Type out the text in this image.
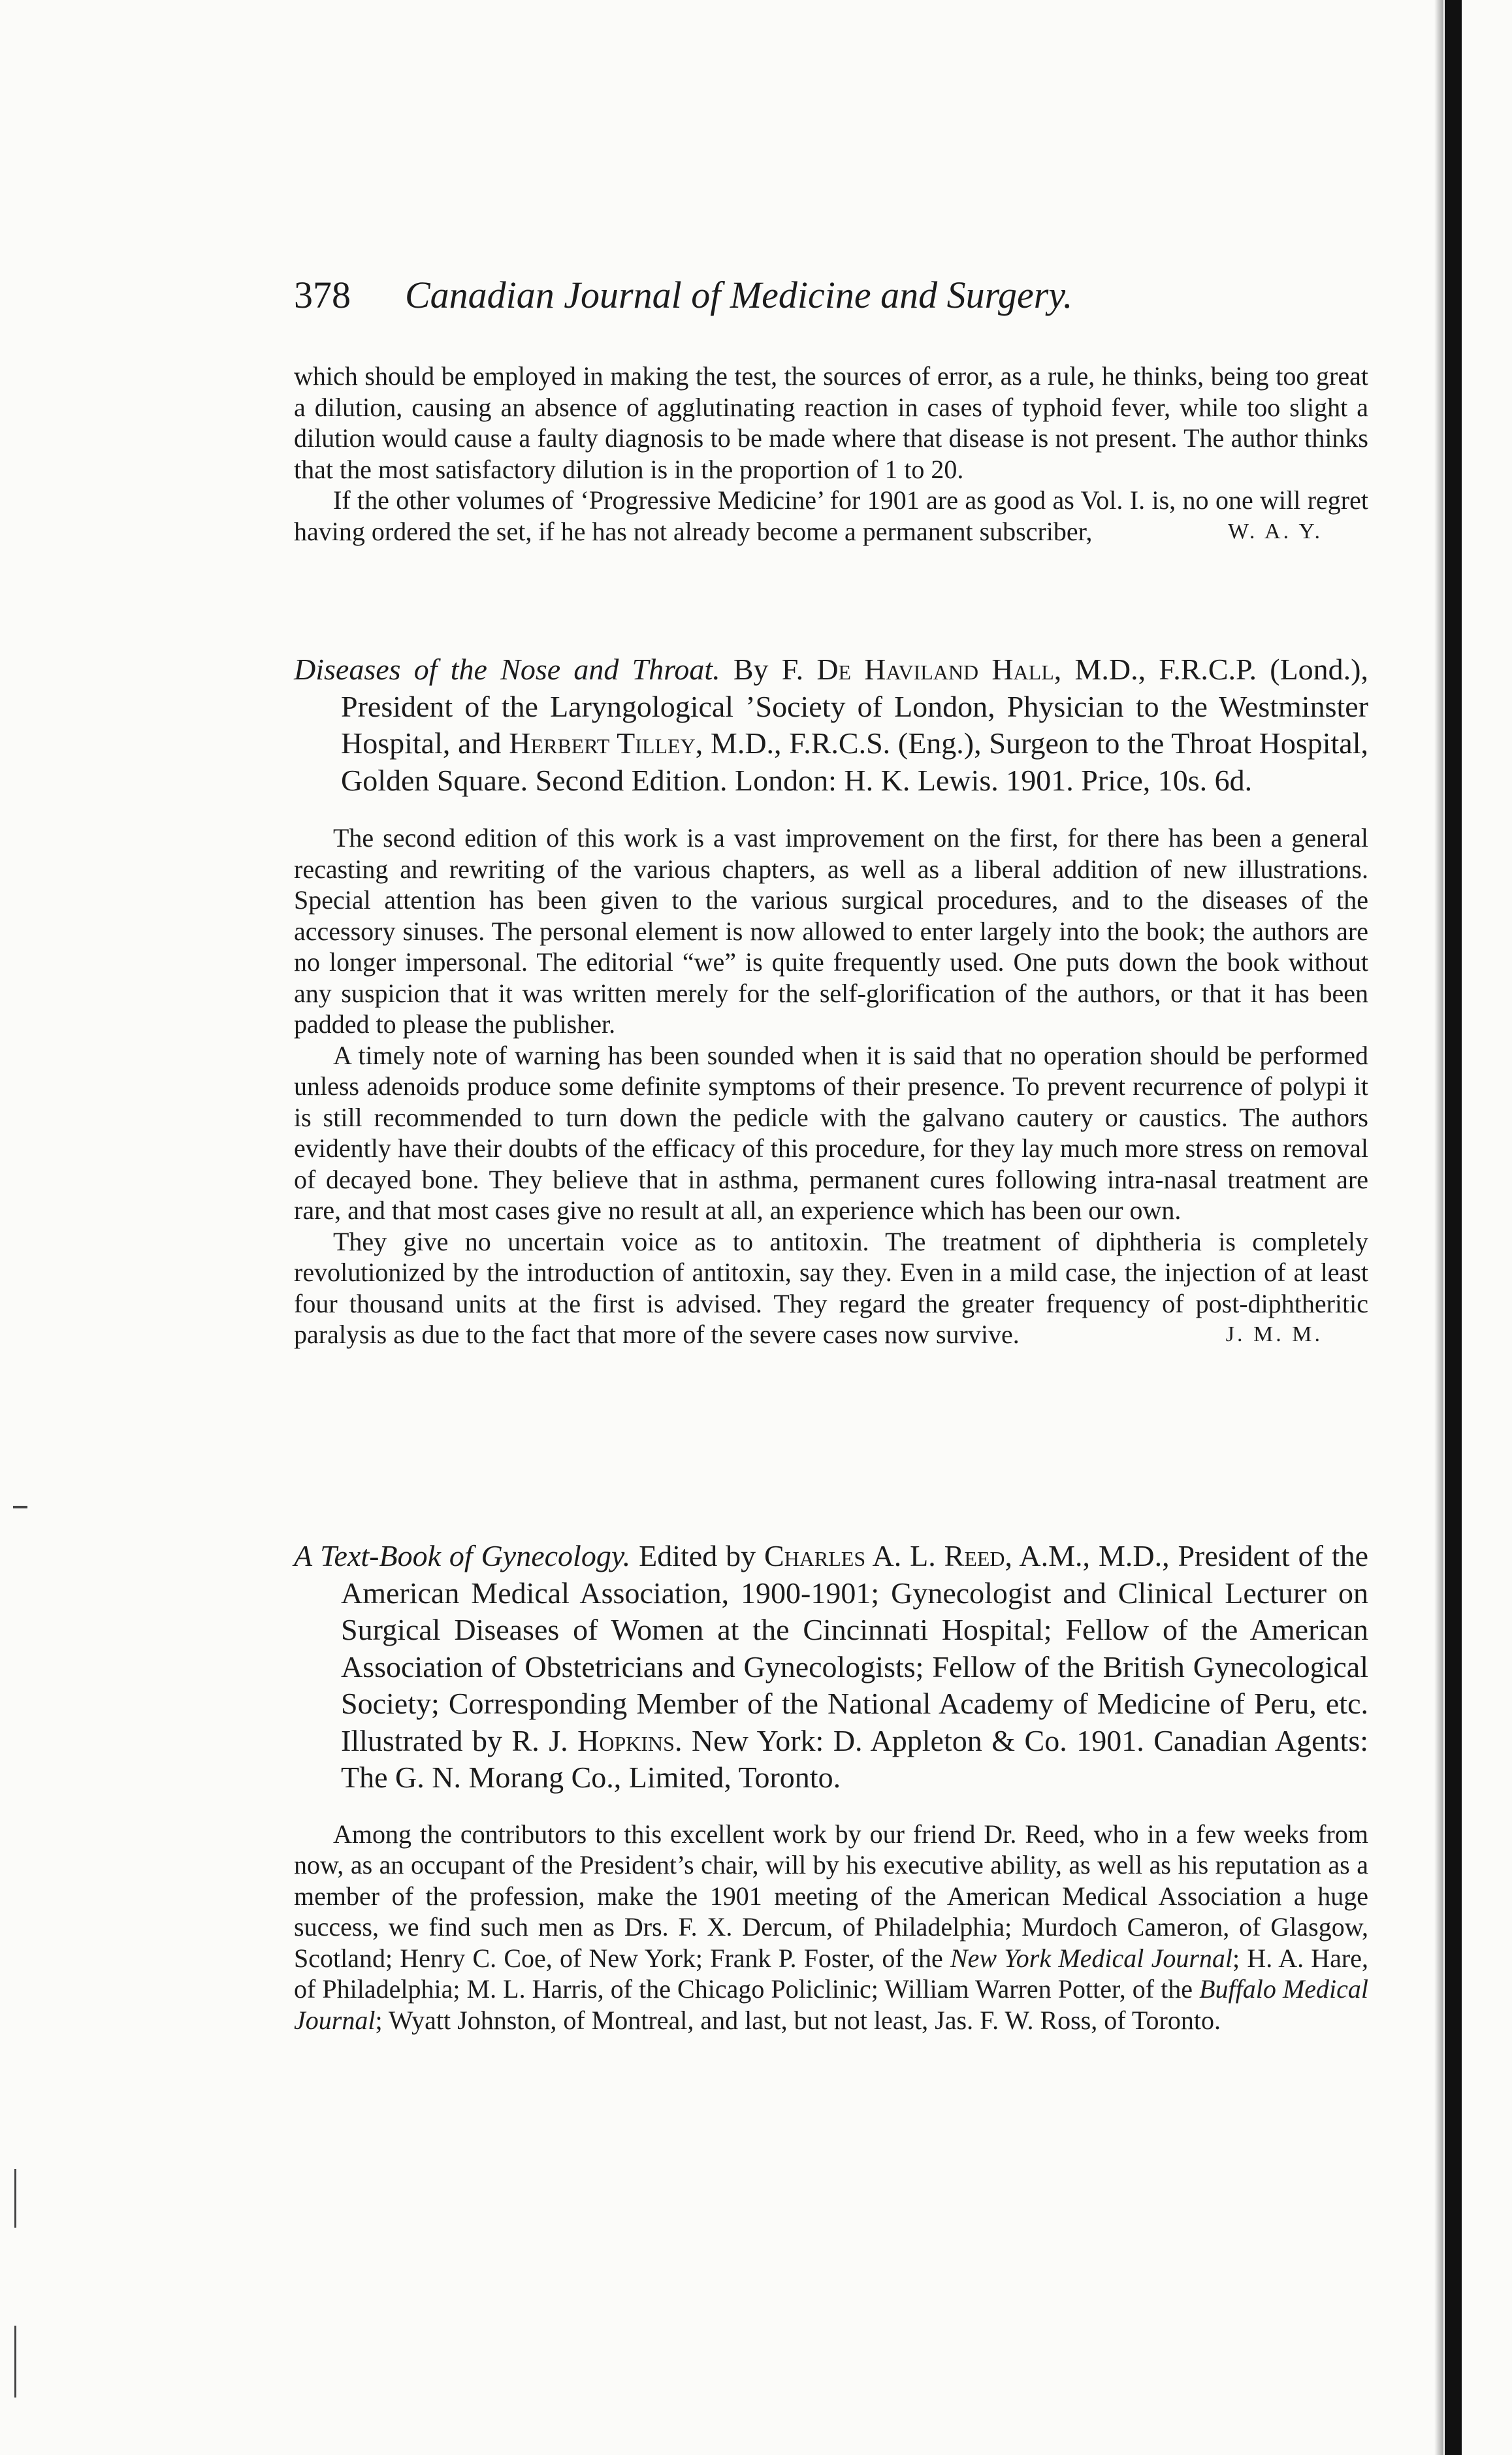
378 Canadian Journal of Medicine and Surgery.

which should be employed in making the test, the sources of error, as a rule, he thinks, being too great a dilution, causing an absence of agglutinating reaction in cases of typhoid fever, while too slight a dilution would cause a faulty diagnosis to be made where that disease is not present. The author thinks that the most satisfactory dilution is in the proportion of 1 to 20.

If the other volumes of ‘Progressive Medicine’ for 1901 are as good as Vol. I. is, no one will regret having ordered the set, if he has not already become a permanent subscriber,	W. A. Y.

Diseases of the Nose and Throat. By F. De Haviland Hall, M.D., F.R.C.P. (Lond.), President of the Laryngological ’Society of London, Physician to the Westminster Hospital, and Herbert Tilley, M.D., F.R.C.S. (Eng.), Surgeon to the Throat Hospital, Golden Square. Second Edition. London: H. K. Lewis. 1901. Price, 10s. 6d.

The second edition of this work is a vast improvement on the first, for there has been a general recasting and rewriting of the various chapters, as well as a liberal addition of new illustrations. Special attention has been given to the various surgical procedures, and to the diseases of the accessory sinuses. The personal element is now allowed to enter largely into the book; the authors are no longer impersonal. The editorial “we” is quite frequently used. One puts down the book without any suspicion that it was written merely for the self-glorification of the authors, or that it has been padded to please the publisher.

A timely note of warning has been sounded when it is said that no operation should be performed unless adenoids produce some definite symptoms of their presence. To prevent recurrence of polypi it is still recommended to turn down the pedicle with the galvano cautery or caustics. The authors evidently have their doubts of the efficacy of this procedure, for they lay much more stress on removal of decayed bone. They believe that in asthma, permanent cures following intra-nasal treatment are rare, and that most cases give no result at all, an experience which has been our own.

They give no uncertain voice as to antitoxin. The treatment of diphtheria is completely revolutionized by the introduction of antitoxin, say they. Even in a mild case, the injection of at least four thousand units at the first is advised. They regard the greater frequency of post-diphtheritic paralysis as due to the fact that more of the severe cases now survive.	J. M. M.

A Text-Book of Gynecology. Edited by Charles A. L. Reed, A.M., M.D., President of the American Medical Association, 1900-1901; Gynecologist and Clinical Lecturer on Surgical Diseases of Women at the Cincinnati Hospital; Fellow of the American Association of Obstetricians and Gynecologists; Fellow of the British Gynecological Society; Corresponding Member of the National Academy of Medicine of Peru, etc. Illustrated by R. J. Hopkins. New York: D. Appleton & Co. 1901. Canadian Agents: The G. N. Morang Co., Limited, Toronto.

Among the contributors to this excellent work by our friend Dr. Reed, who in a few weeks from now, as an occupant of the President’s chair, will by his executive ability, as well as his reputation as a member of the profession, make the 1901 meeting of the American Medical Association a huge success, we find such men as Drs. F. X. Dercum, of Philadelphia; Murdoch Cameron, of Glasgow, Scotland; Henry C. Coe, of New York; Frank P. Foster, of the New York Medical Journal; H. A. Hare, of Philadelphia; M. L. Harris, of the Chicago Policlinic; William Warren Potter, of the Buffalo Medical Journal; Wyatt Johnston, of Montreal, and last, but not least, Jas. F. W. Ross, of Toronto.
